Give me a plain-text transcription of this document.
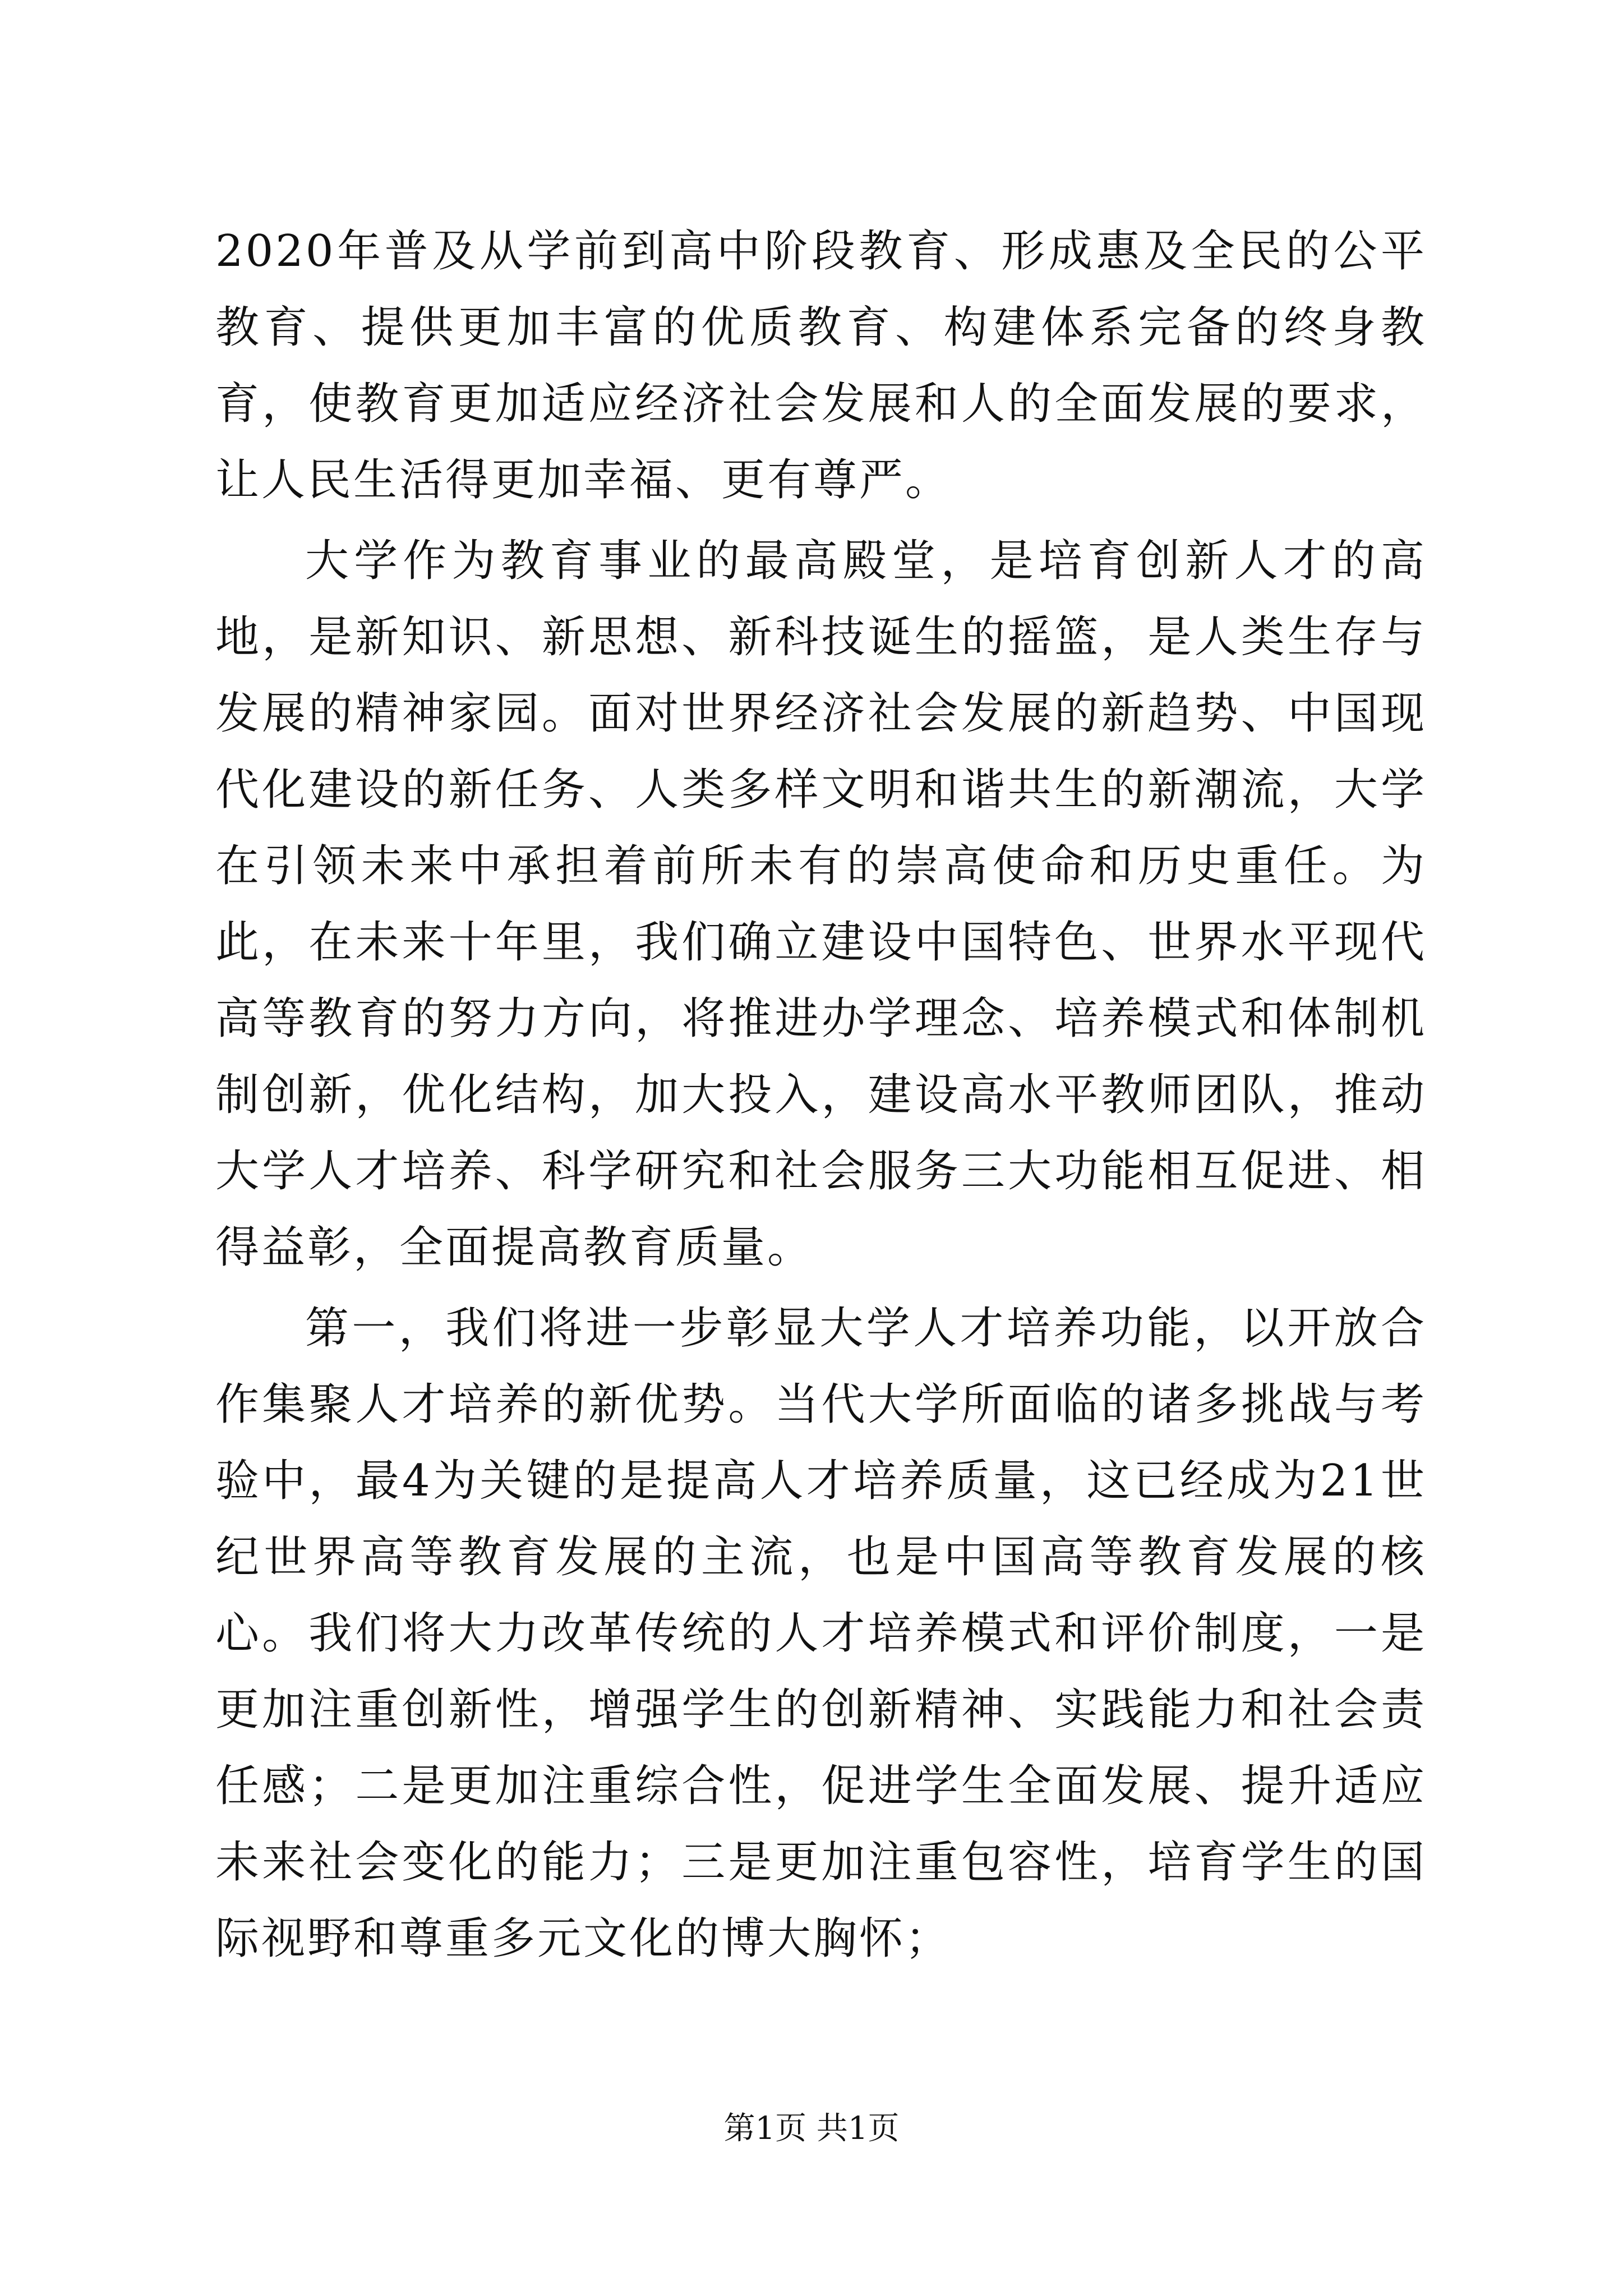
2020年普及从学前到高中阶段教育、形成惠及全民的公平教育、提供更加丰富的优质教育、构建体系完备的终身教育，使教育更加适应经济社会发展和人的全面发展的要求，让人民生活得更加幸福、更有尊严。

大学作为教育事业的最高殿堂，是培育创新人才的高地，是新知识、新思想、新科技诞生的摇篮，是人类生存与发展的精神家园。面对世界经济社会发展的新趋势、中国现代化建设的新任务、人类多样文明和谐共生的新潮流，大学在引领未来中承担着前所未有的崇高使命和历史重任。为此，在未来十年里，我们确立建设中国特色、世界水平现代高等教育的努力方向，将推进办学理念、培养模式和体制机制创新，优化结构，加大投入，建设高水平教师团队，推动大学人才培养、科学研究和社会服务三大功能相互促进、相得益彰，全面提高教育质量。

第一，我们将进一步彰显大学人才培养功能，以开放合作集聚人才培养的新优势。当代大学所面临的诸多挑战与考验中，最4为关键的是提高人才培养质量，这已经成为21世纪世界高等教育发展的主流，也是中国高等教育发展的核心。我们将大力改革传统的人才培养模式和评价制度，一是更加注重创新性，增强学生的创新精神、实践能力和社会责任感；二是更加注重综合性，促进学生全面发展、提升适应未来社会变化的能力；三是更加注重包容性，培育学生的国际视野和尊重多元文化的博大胸怀；

第1页 共1页
